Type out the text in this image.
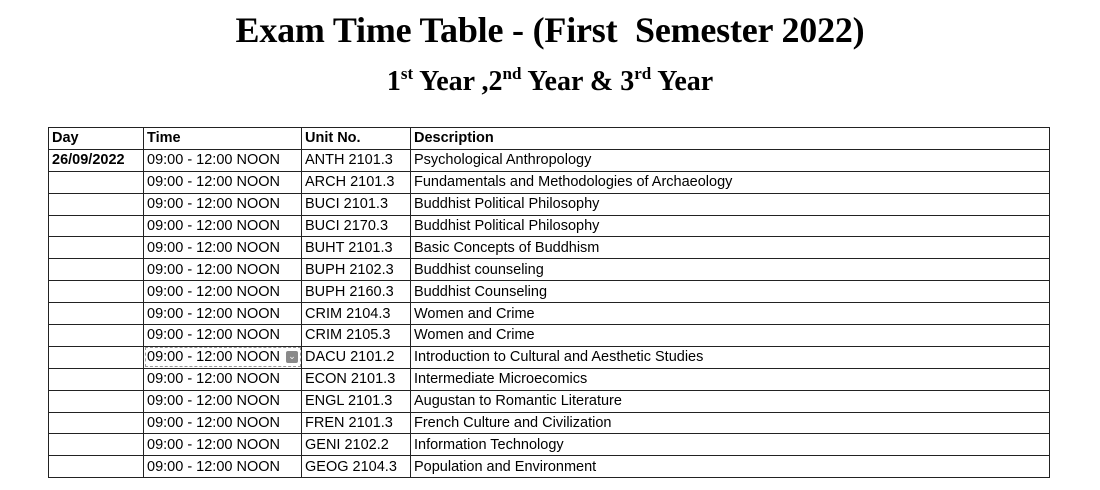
Exam Time Table - (First  Semester 2022)
1st Year ,2nd Year & 3rd Year
Day	Time	Unit No.	Description
26/09/2022	09:00 - 12:00 NOON	ANTH 2101.3	Psychological Anthropology
	09:00 - 12:00 NOON	ARCH 2101.3	Fundamentals and Methodologies of Archaeology
	09:00 - 12:00 NOON	BUCI 2101.3	Buddhist Political Philosophy
	09:00 - 12:00 NOON	BUCI 2170.3	Buddhist Political Philosophy
	09:00 - 12:00 NOON	BUHT 2101.3	Basic Concepts of Buddhism
	09:00 - 12:00 NOON	BUPH 2102.3	Buddhist counseling
	09:00 - 12:00 NOON	BUPH 2160.3	Buddhist Counseling
	09:00 - 12:00 NOON	CRIM 2104.3	Women and Crime
	09:00 - 12:00 NOON	CRIM 2105.3	Women and Crime
	09:00 - 12:00 NOON ⌄	DACU 2101.2	Introduction to Cultural and Aesthetic Studies
	09:00 - 12:00 NOON	ECON 2101.3	Intermediate Microecomics
	09:00 - 12:00 NOON	ENGL 2101.3	Augustan to Romantic Literature
	09:00 - 12:00 NOON	FREN 2101.3	French Culture and Civilization
	09:00 - 12:00 NOON	GENI 2102.2	Information Technology
	09:00 - 12:00 NOON	GEOG 2104.3	Population and Environment
